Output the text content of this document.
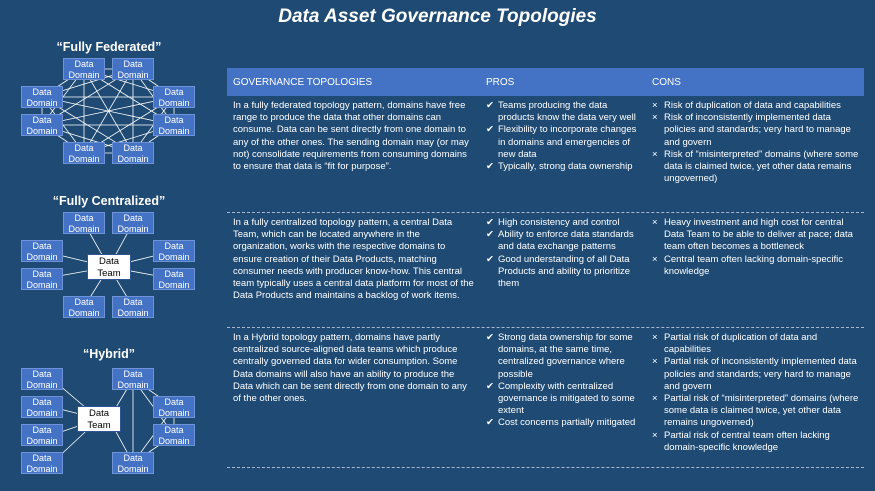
Data Asset Governance Topologies
“Fully Federated”
“Fully Centralized”
“Hybrid”
Data Domain
Data Domain
Data Domain
Data Domain
Data Domain
Data Domain
Data Domain
Data Domain
Data Domain
Data Domain
Data Domain
Data Domain
Data Domain
Data Domain
Data Domain
Data Domain
Data Team
Data Domain
Data Domain
Data Domain
Data Domain
Data Domain
Data Domain
Data Domain
Data Domain
Data Team
GOVERNANCE TOPOLOGIES	PROS	CONS
In a fully federated topology pattern, domains have free range to produce the data that other domains can consume. Data can be sent directly from one domain to any of the other ones. The sending domain may (or may not) consolidate requirements from consuming domains to ensure that data is “fit for purpose”.
✔ Teams producing the data products know the data very well
✔ Flexibility to incorporate changes in domains and emergencies of new data
✔ Typically, strong data ownership
× Risk of duplication of data and capabilities
× Risk of inconsistently implemented data policies and standards; very hard to manage and govern
× Risk of “misinterpreted” domains (where some data is claimed twice, yet other data remains ungoverned)
In a fully centralized topology pattern, a central Data Team, which can be located anywhere in the organization, works with the respective domains to ensure creation of their Data Products, matching consumer needs with producer know-how. This central team typically uses a central data platform for most of the Data Products and maintains a backlog of work items.
✔ High consistency and control
✔ Ability to enforce data standards and data exchange patterns
✔ Good understanding of all Data Products and ability to prioritize them
× Heavy investment and high cost for central Data Team to be able to deliver at pace; data team often becomes a bottleneck
× Central team often lacking domain-specific knowledge
In a Hybrid topology pattern, domains have partly centralized source-aligned data teams which produce centrally governed data for wider consumption. Some Data domains will also have an ability to produce the Data which can be sent directly from one domain to any of the other ones.
✔ Strong data ownership for some domains, at the same time, centralized governance where possible
✔ Complexity with centralized governance is mitigated to some extent
✔ Cost concerns partially mitigated
× Partial risk of duplication of data and capabilities
× Partial risk of inconsistently implemented data policies and standards; very hard to manage and govern
× Partial risk of “misinterpreted” domains (where some data is claimed twice, yet other data remains ungoverned)
× Partial risk of central team often lacking domain-specific knowledge
